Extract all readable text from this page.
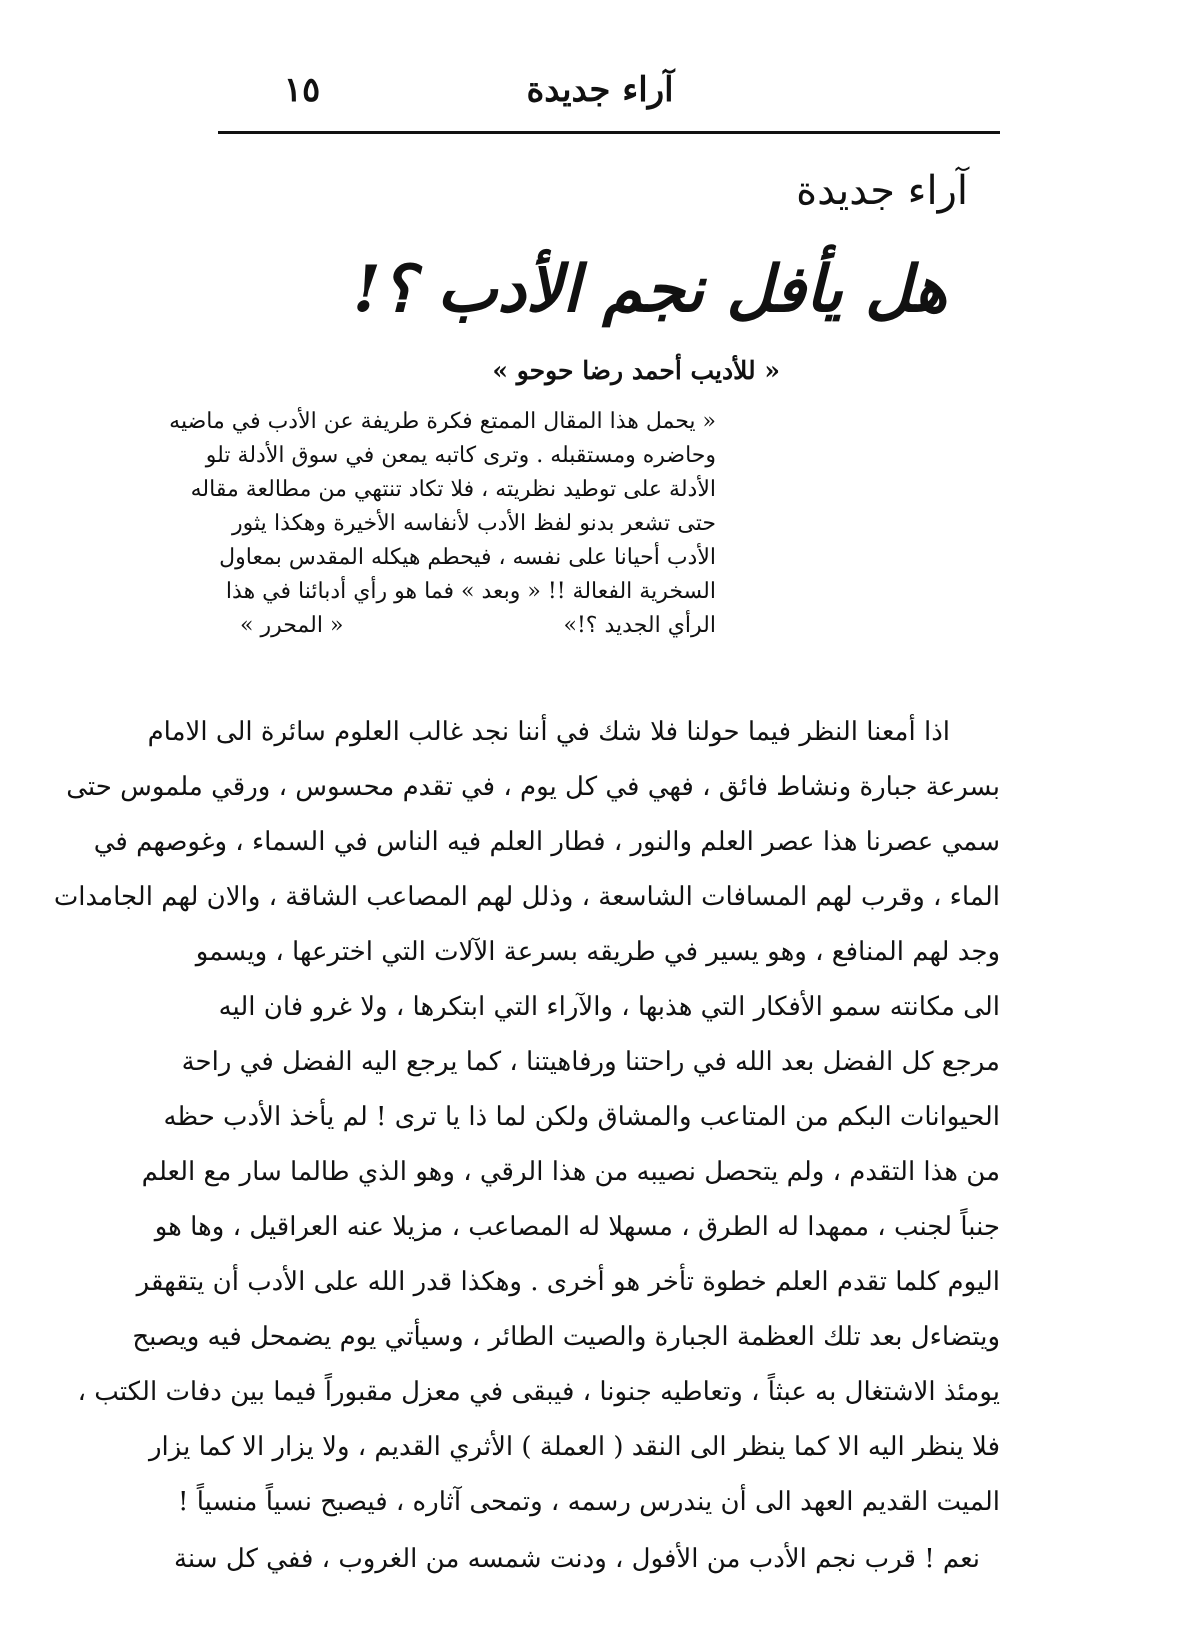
آراء جديدة
١٥
آراء جديدة
هل يأفل نجم الأدب ؟!
« للأديب أحمد رضا حوحو »
« يحمل هذا المقال الممتع فكرة طريفة عن الأدب في ماضيه
وحاضره ومستقبله . وترى كاتبه يمعن في سوق الأدلة تلو
الأدلة على توطيد نظريته ، فلا تكاد تنتهي من مطالعة مقاله
حتى تشعر بدنو لفظ الأدب لأنفاسه الأخيرة وهكذا يثور
الأدب أحيانا على نفسه ، فيحطم هيكله المقدس بمعاول
السخرية الفعالة !! « وبعد » فما هو رأي أدبائنا في هذا
الرأي الجديد ؟!»
« المحرر »
اذا أمعنا النظر فيما حولنا فلا شك في أننا نجد غالب العلوم سائرة الى الامام
بسرعة جبارة ونشاط فائق ، فهي في كل يوم ، في تقدم محسوس ، ورقي ملموس حتى
سمي عصرنا هذا عصر العلم والنور ، فطار العلم فيه الناس في السماء ، وغوصهم في
الماء ، وقرب لهم المسافات الشاسعة ، وذلل لهم المصاعب الشاقة ، والان لهم الجامدات
وجد لهم المنافع ، وهو يسير في طريقه بسرعة الآلات التي اخترعها ، ويسمو
الى مكانته سمو الأفكار التي هذبها ، والآراء التي ابتكرها ، ولا غرو فان اليه
مرجع كل الفضل بعد الله في راحتنا ورفاهيتنا ، كما يرجع اليه الفضل في راحة
الحيوانات البكم من المتاعب والمشاق ولكن لما ذا يا ترى ! لم يأخذ الأدب حظه
من هذا التقدم ، ولم يتحصل نصيبه من هذا الرقي ، وهو الذي طالما سار مع العلم
جنباً لجنب ، ممهدا له الطرق ، مسهلا له المصاعب ، مزيلا عنه العراقيل ، وها هو
اليوم كلما تقدم العلم خطوة تأخر هو أخرى . وهكذا قدر الله على الأدب أن يتقهقر
ويتضاءل بعد تلك العظمة الجبارة والصيت الطائر ، وسيأتي يوم يضمحل فيه ويصبح
يومئذ الاشتغال به عبثاً ، وتعاطيه جنونا ، فيبقى في معزل مقبوراً فيما بين دفات الكتب ،
فلا ينظر اليه الا كما ينظر الى النقد ( العملة ) الأثري القديم ، ولا يزار الا كما يزار
الميت القديم العهد الى أن يندرس رسمه ، وتمحى آثاره ، فيصبح نسياً منسياً !
نعم ! قرب نجم الأدب من الأفول ، ودنت شمسه من الغروب ، ففي كل سنة
